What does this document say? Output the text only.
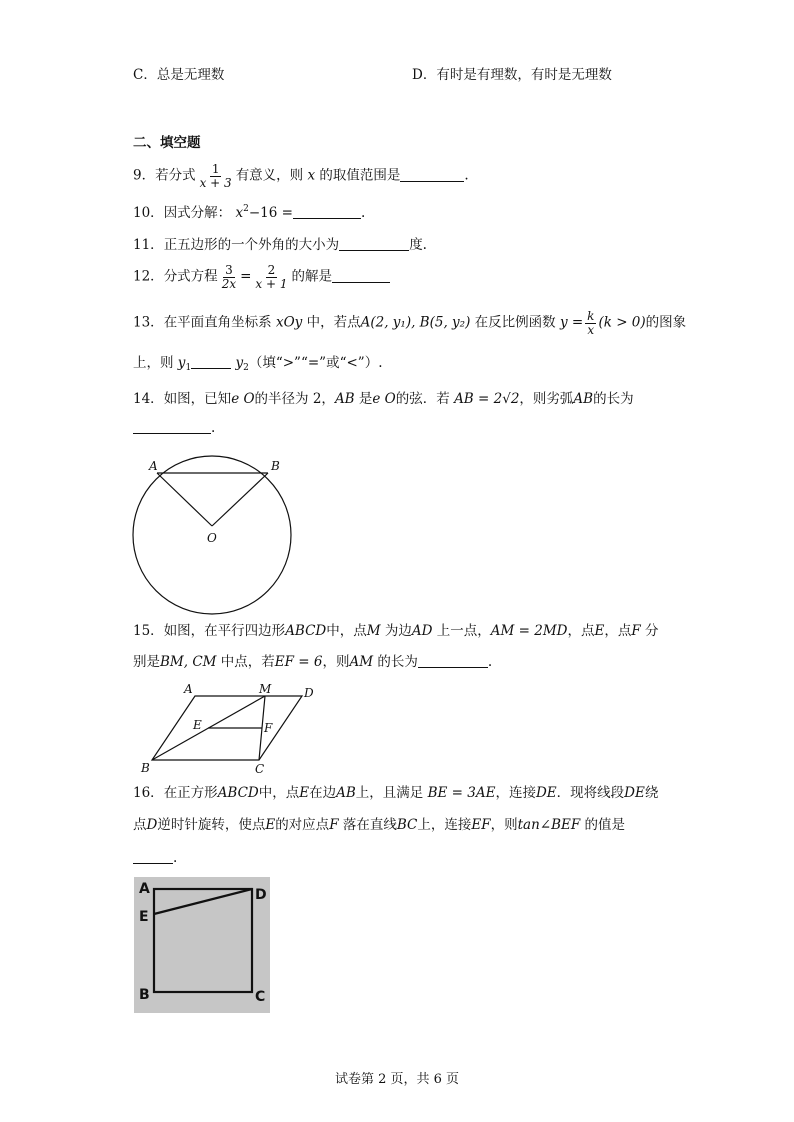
C．总是无理数	D．有时是有理数，有时是无理数
二、填空题
9．若分式 $\frac{1}{x + 3}$ 有意义，则 x 的取值范围是	.
10．因式分解： $x^2-16$ =	.
11．正五边形的一个外角的大小为	度.
12．分式方程 $\frac{3}{2x} = \frac{2}{x + 1}$ 的解是
13．在平面直角坐标系 xOy 中，若点A(2, y₁), B(5, y₂) 在反比例函数 $y = \frac{k}{x} (k > 0)$的图象
上，则 $y_1$	$y_2$（填“>”“=”或“<”）.
14．如图，已知e O的半径为 2，AB 是e O的弦．若 AB = 2√2，则劣弧AB的长为
.
A	B
O
15．如图，在平行四边形ABCD中，点M 为边AD 上一点，AM = 2MD，点E，点F 分
别是BM, CM 中点，若EF = 6，则AM 的长为	.
A	M	D
E	F
B	C
16．在正方形ABCD中，点E在边AB上，且满足 BE = 3AE，连接DE．现将线段DE绕
点D逆时针旋转，使点E的对应点F 落在直线BC上，连接EF，则tan∠BEF 的值是
.
A	D
E
B	C
试卷第 2 页，共 6 页
